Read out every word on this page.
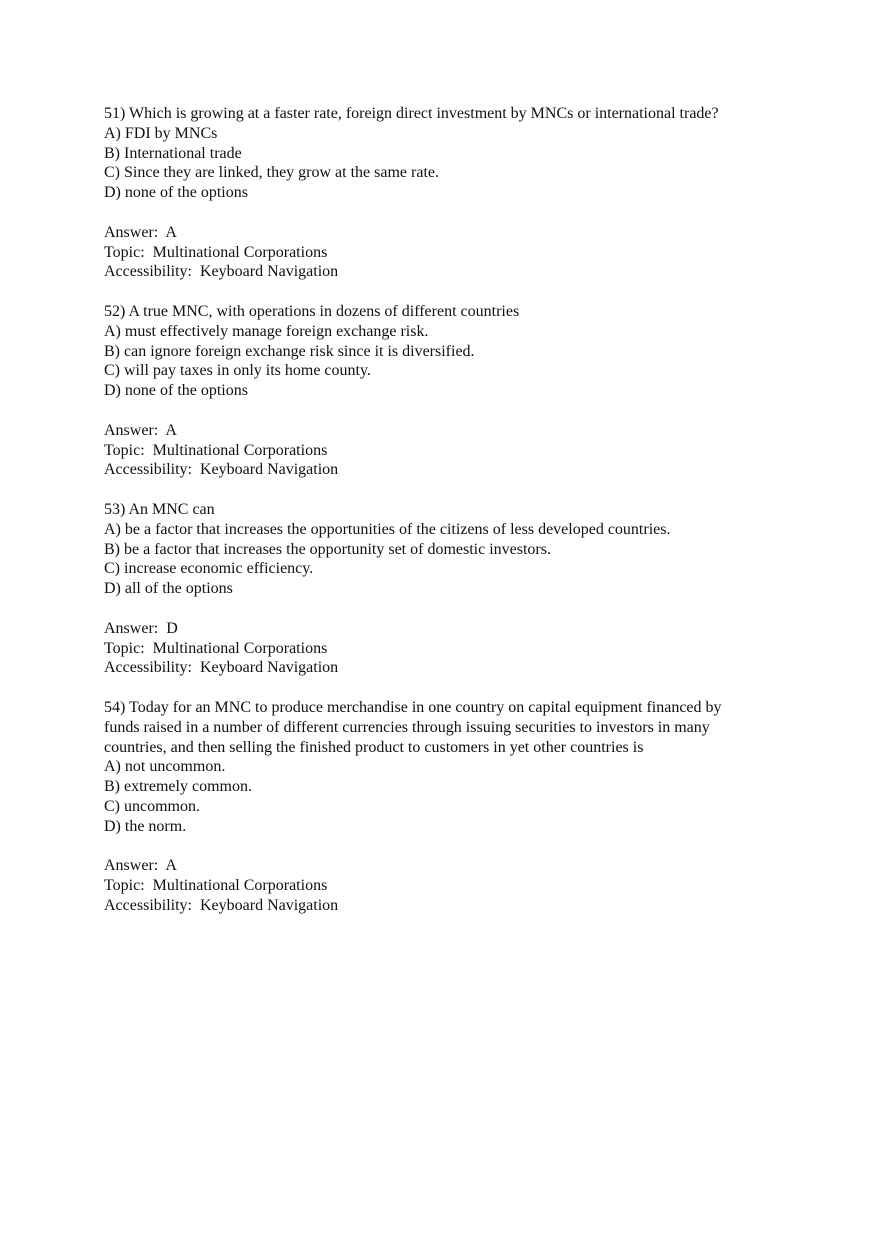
51) Which is growing at a faster rate, foreign direct investment by MNCs or international trade?
A) FDI by MNCs
B) International trade
C) Since they are linked, they grow at the same rate.
D) none of the options
Answer:  A
Topic:  Multinational Corporations
Accessibility:  Keyboard Navigation
52) A true MNC, with operations in dozens of different countries
A) must effectively manage foreign exchange risk.
B) can ignore foreign exchange risk since it is diversified.
C) will pay taxes in only its home county.
D) none of the options
Answer:  A
Topic:  Multinational Corporations
Accessibility:  Keyboard Navigation
53) An MNC can
A) be a factor that increases the opportunities of the citizens of less developed countries.
B) be a factor that increases the opportunity set of domestic investors.
C) increase economic efficiency.
D) all of the options
Answer:  D
Topic:  Multinational Corporations
Accessibility:  Keyboard Navigation
54) Today for an MNC to produce merchandise in one country on capital equipment financed by
funds raised in a number of different currencies through issuing securities to investors in many
countries, and then selling the finished product to customers in yet other countries is
A) not uncommon.
B) extremely common.
C) uncommon.
D) the norm.
Answer:  A
Topic:  Multinational Corporations
Accessibility:  Keyboard Navigation
